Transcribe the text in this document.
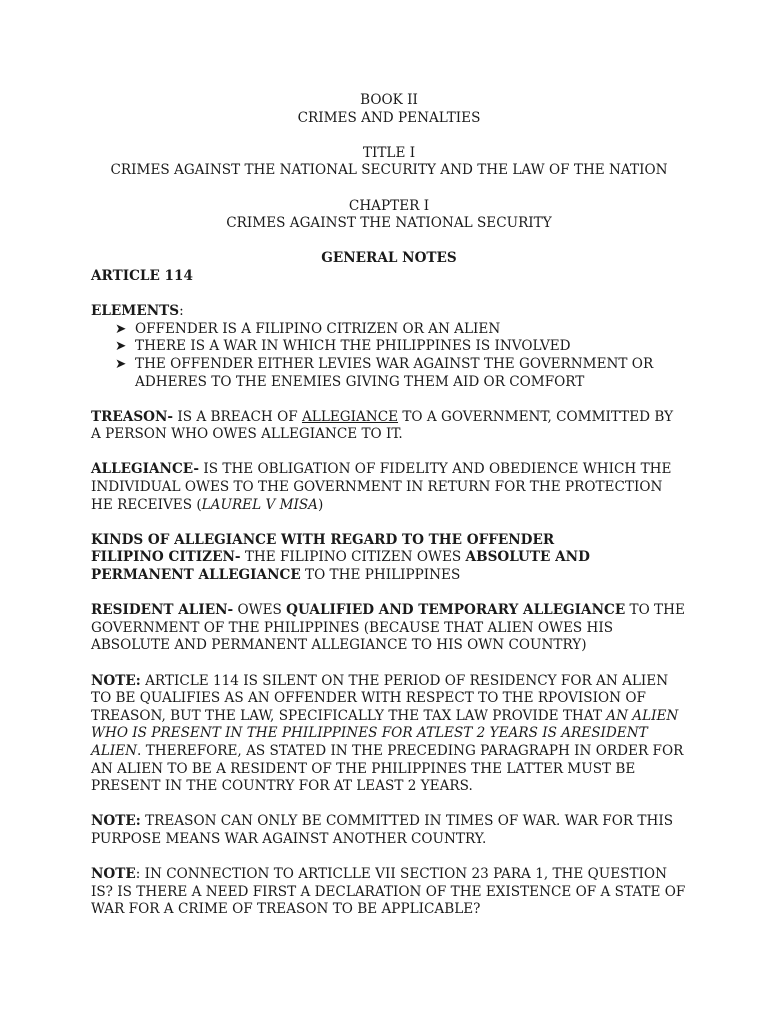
BOOK II

CRIMES AND PENALTIES

TITLE I

CRIMES AGAINST THE NATIONAL SECURITY AND THE LAW OF THE NATION

CHAPTER I

CRIMES AGAINST THE NATIONAL SECURITY

GENERAL NOTES

ARTICLE 114

ELEMENTS:

➤ OFFENDER IS A FILIPINO CITRIZEN OR AN ALIEN
➤ THERE IS A WAR IN WHICH THE PHILIPPINES IS INVOLVED
➤ THE OFFENDER EITHER LEVIES WAR AGAINST THE GOVERNMENT OR ADHERES TO THE ENEMIES GIVING THEM AID OR COMFORT

TREASON- IS A BREACH OF ALLEGIANCE TO A GOVERNMENT, COMMITTED BY A PERSON WHO OWES ALLEGIANCE TO IT.

ALLEGIANCE- IS THE OBLIGATION OF FIDELITY AND OBEDIENCE WHICH THE INDIVIDUAL OWES TO THE GOVERNMENT IN RETURN FOR THE PROTECTION HE RECEIVES (LAUREL V MISA)

KINDS OF ALLEGIANCE WITH REGARD TO THE OFFENDER

FILIPINO CITIZEN- THE FILIPINO CITIZEN OWES ABSOLUTE AND PERMANENT ALLEGIANCE TO THE PHILIPPINES

RESIDENT ALIEN- OWES QUALIFIED AND TEMPORARY ALLEGIANCE TO THE GOVERNMENT OF THE PHILIPPINES (BECAUSE THAT ALIEN OWES HIS ABSOLUTE AND PERMANENT ALLEGIANCE TO HIS OWN COUNTRY)

NOTE: ARTICLE 114 IS SILENT ON THE PERIOD OF RESIDENCY FOR AN ALIEN TO BE QUALIFIES AS AN OFFENDER WITH RESPECT TO THE RPOVISION OF TREASON, BUT THE LAW, SPECIFICALLY THE TAX LAW PROVIDE THAT AN ALIEN WHO IS PRESENT IN THE PHILIPPINES FOR ATLEST 2 YEARS IS ARESIDENT ALIEN. THEREFORE, AS STATED IN THE PRECEDING PARAGRAPH IN ORDER FOR AN ALIEN TO BE A RESIDENT OF THE PHILIPPINES THE LATTER MUST BE PRESENT IN THE COUNTRY FOR AT LEAST 2 YEARS.

NOTE: TREASON CAN ONLY BE COMMITTED IN TIMES OF WAR. WAR FOR THIS PURPOSE MEANS WAR AGAINST ANOTHER COUNTRY.

NOTE: IN CONNECTION TO ARTICLLE VII SECTION 23 PARA 1, THE QUESTION IS? IS THERE A NEED FIRST A DECLARATION OF THE EXISTENCE OF A STATE OF WAR FOR A CRIME OF TREASON TO BE APPLICABLE?
